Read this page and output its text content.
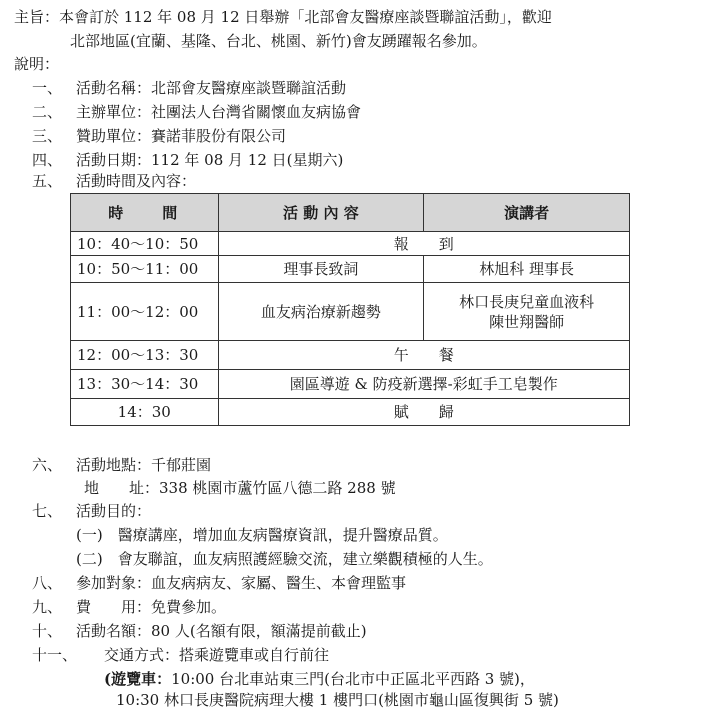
主旨：本會訂於 112 年 08 月 12 日舉辦「北部會友醫療座談暨聯誼活動」，歡迎
北部地區(宜蘭、基隆、台北、桃園、新竹)會友踴躍報名參加。
說明：
一、 活動名稱：北部會友醫療座談暨聯誼活動
二、 主辦單位：社團法人台灣省關懷血友病協會
三、 贊助單位：賽諾菲股份有限公司
四、 活動日期：112 年 08 月 12 日(星期六)
五、 活動時間及內容：
時　　間	活 動 內 容	演講者
10：40～10：50	報　　到	
10：50～11：00	理事長致詞	林旭科 理事長
11：00～12：00	血友病治療新趨勢	林口長庚兒童血液科
陳世翔醫師

12：00～13：30	午　　餐	
13：30～14：30	園區導遊 & 防疫新選擇-彩虹手工皂製作	
14：30	賦　　歸	
六、 活動地點：千郁莊園
地　　址：338 桃園市蘆竹區八德二路 288 號
七、 活動目的：
(一)　醫療講座，增加血友病醫療資訊，提升醫療品質。
(二)　會友聯誼，血友病照護經驗交流，建立樂觀積極的人生。
八、 參加對象：血友病病友、家屬、醫生、本會理監事
九、 費　　用：免費參加。
十、 活動名額：80 人(名額有限，額滿提前截止)
十一、 交通方式：搭乘遊覽車或自行前往
(遊覽車：10:00 台北車站東三門(台北市中正區北平西路 3 號)，
10:30 林口長庚醫院病理大樓 1 樓門口(桃園市龜山區復興街 5 號)
